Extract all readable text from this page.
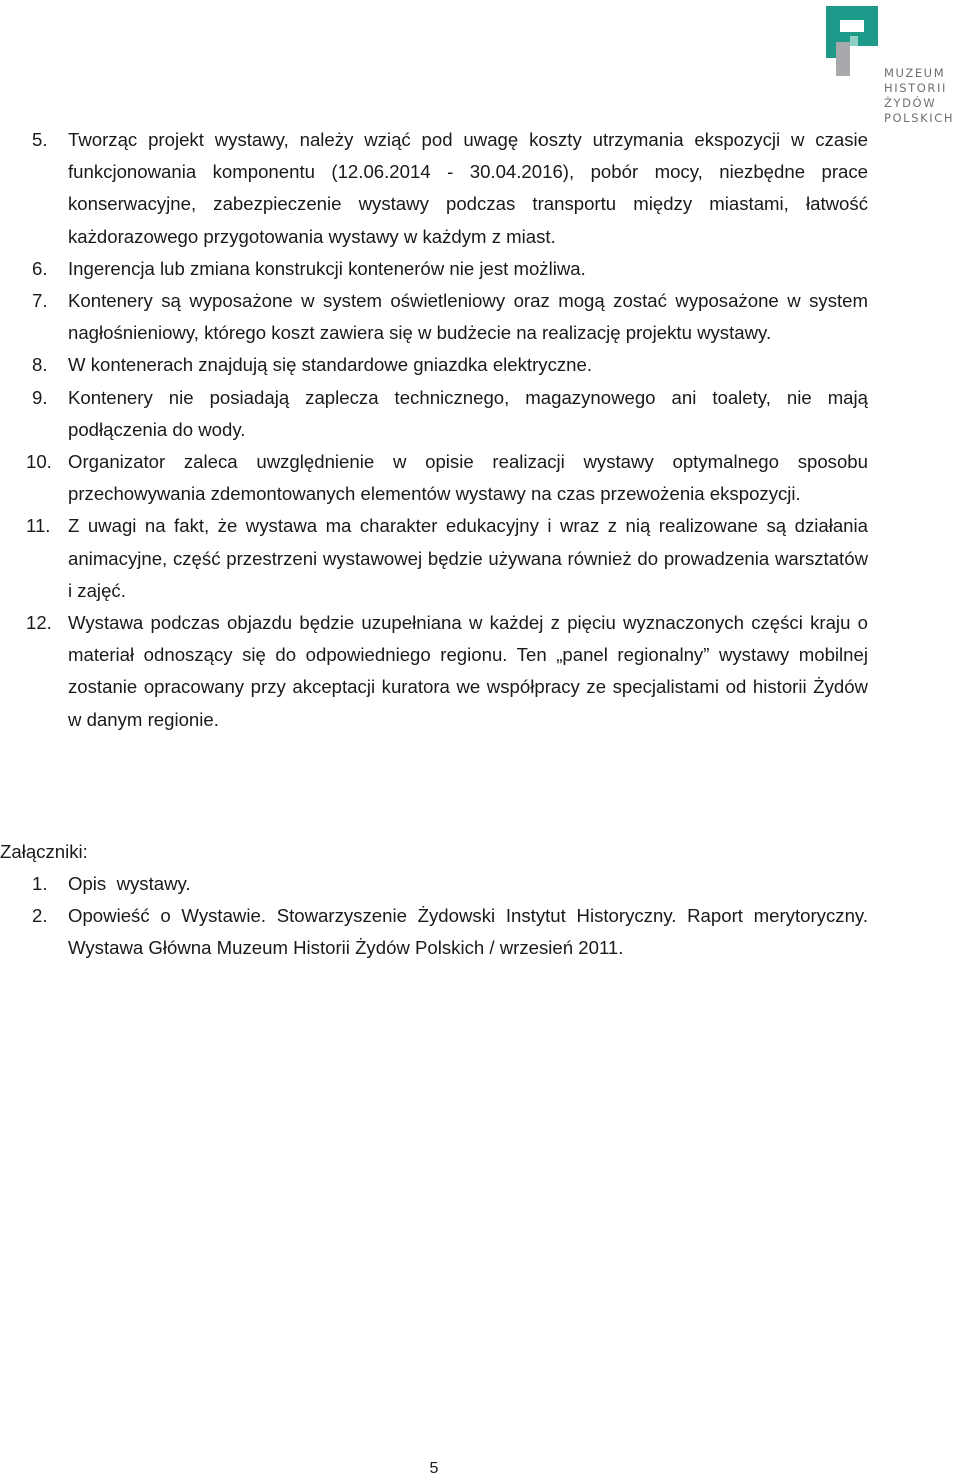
MUZEUM
HISTORII
ŻYDÓW
POLSKICH
5. Tworząc projekt wystawy, należy wziąć pod uwagę koszty utrzymania ekspozycji w czasie funkcjonowania komponentu (12.06.2014 - 30.04.2016), pobór mocy, niezbędne prace konserwacyjne, zabezpieczenie wystawy podczas transportu między miastami, łatwość każdorazowego przygotowania wystawy w każdym z miast.
6. Ingerencja lub zmiana konstrukcji kontenerów nie jest możliwa.
7. Kontenery są wyposażone w system oświetleniowy oraz mogą zostać wyposażone w system nagłośnieniowy, którego koszt zawiera się w budżecie na realizację projektu wystawy.
8. W kontenerach znajdują się standardowe gniazdka elektryczne.
9. Kontenery nie posiadają zaplecza technicznego, magazynowego ani toalety, nie mają podłączenia do wody.
10. Organizator zaleca uwzględnienie w opisie realizacji wystawy optymalnego sposobu przechowywania zdemontowanych elementów wystawy na czas przewożenia ekspozycji.
11. Z uwagi na fakt, że wystawa ma charakter edukacyjny i wraz z nią realizowane są działania animacyjne, część przestrzeni wystawowej będzie używana również do prowadzenia warsztatów i zajęć.
12. Wystawa podczas objazdu będzie uzupełniana w każdej z pięciu wyznaczonych części kraju o materiał odnoszący się do odpowiedniego regionu. Ten „panel regionalny” wystawy mobilnej zostanie opracowany przy akceptacji kuratora we współpracy ze specjalistami od historii Żydów w danym regionie.
Załączniki:
1. Opis  wystawy.
2. Opowieść o Wystawie. Stowarzyszenie Żydowski Instytut Historyczny. Raport merytoryczny. Wystawa Główna Muzeum Historii Żydów Polskich / wrzesień 2011.
5
